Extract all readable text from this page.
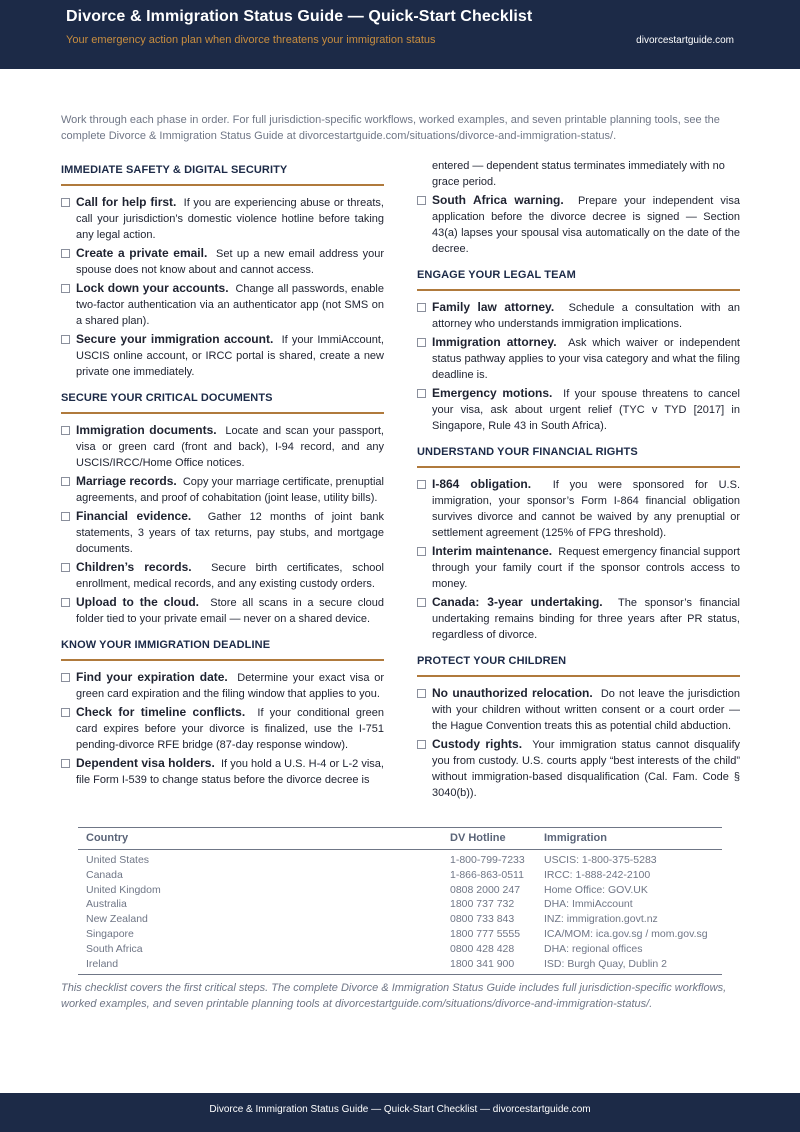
Divorce & Immigration Status Guide — Quick-Start Checklist
Your emergency action plan when divorce threatens your immigration status	divorcestartguide.com
Work through each phase in order. For full jurisdiction-specific workflows, worked examples, and seven printable planning tools, see the complete Divorce & Immigration Status Guide at divorcestartguide.com/situations/divorce-and-immigration-status/.
IMMEDIATE SAFETY & DIGITAL SECURITY
Call for help first. If you are experiencing abuse or threats, call your jurisdiction’s domestic violence hotline before taking any legal action.
Create a private email. Set up a new email address your spouse does not know about and cannot access.
Lock down your accounts. Change all passwords, enable two-factor authentication via an authenticator app (not SMS on a shared plan).
Secure your immigration account. If your ImmiAccount, USCIS online account, or IRCC portal is shared, create a new private one immediately.
SECURE YOUR CRITICAL DOCUMENTS
Immigration documents. Locate and scan your passport, visa or green card (front and back), I-94 record, and any USCIS/IRCC/Home Office notices.
Marriage records. Copy your marriage certificate, prenuptial agreements, and proof of cohabitation (joint lease, utility bills).
Financial evidence. Gather 12 months of joint bank statements, 3 years of tax returns, pay stubs, and mortgage documents.
Children’s records. Secure birth certificates, school enrollment, medical records, and any existing custody orders.
Upload to the cloud. Store all scans in a secure cloud folder tied to your private email — never on a shared device.
KNOW YOUR IMMIGRATION DEADLINE
Find your expiration date. Determine your exact visa or green card expiration and the filing window that applies to you.
Check for timeline conflicts. If your conditional green card expires before your divorce is finalized, use the I-751 pending-divorce RFE bridge (87-day response window).
Dependent visa holders. If you hold a U.S. H-4 or L-2 visa, file Form I-539 to change status before the divorce decree is
entered — dependent status terminates immediately with no grace period.
South Africa warning. Prepare your independent visa application before the divorce decree is signed — Section 43(a) lapses your spousal visa automatically on the date of the decree.
ENGAGE YOUR LEGAL TEAM
Family law attorney. Schedule a consultation with an attorney who understands immigration implications.
Immigration attorney. Ask which waiver or independent status pathway applies to your visa category and what the filing deadline is.
Emergency motions. If your spouse threatens to cancel your visa, ask about urgent relief (TYC v TYD [2017] in Singapore, Rule 43 in South Africa).
UNDERSTAND YOUR FINANCIAL RIGHTS
I-864 obligation. If you were sponsored for U.S. immigration, your sponsor’s Form I-864 financial obligation survives divorce and cannot be waived by any prenuptial or settlement agreement (125% of FPG threshold).
Interim maintenance. Request emergency financial support through your family court if the sponsor controls access to money.
Canada: 3-year undertaking. The sponsor’s financial undertaking remains binding for three years after PR status, regardless of divorce.
PROTECT YOUR CHILDREN
No unauthorized relocation. Do not leave the jurisdiction with your children without written consent or a court order — the Hague Convention treats this as potential child abduction.
Custody rights. Your immigration status cannot disqualify you from custody. U.S. courts apply “best interests of the child” without immigration-based disqualification (Cal. Fam. Code § 3040(b)).
Country	DV Hotline	Immigration
United States	1-800-799-7233	USCIS: 1-800-375-5283
Canada	1-866-863-0511	IRCC: 1-888-242-2100
United Kingdom	0808 2000 247	Home Office: GOV.UK
Australia	1800 737 732	DHA: ImmiAccount
New Zealand	0800 733 843	INZ: immigration.govt.nz
Singapore	1800 777 5555	ICA/MOM: ica.gov.sg / mom.gov.sg
South Africa	0800 428 428	DHA: regional offices
Ireland	1800 341 900	ISD: Burgh Quay, Dublin 2
This checklist covers the first critical steps. The complete Divorce & Immigration Status Guide includes full jurisdiction-specific workflows, worked examples, and seven printable planning tools at divorcestartguide.com/situations/divorce-and-immigration-status/.
Divorce & Immigration Status Guide — Quick-Start Checklist — divorcestartguide.com
